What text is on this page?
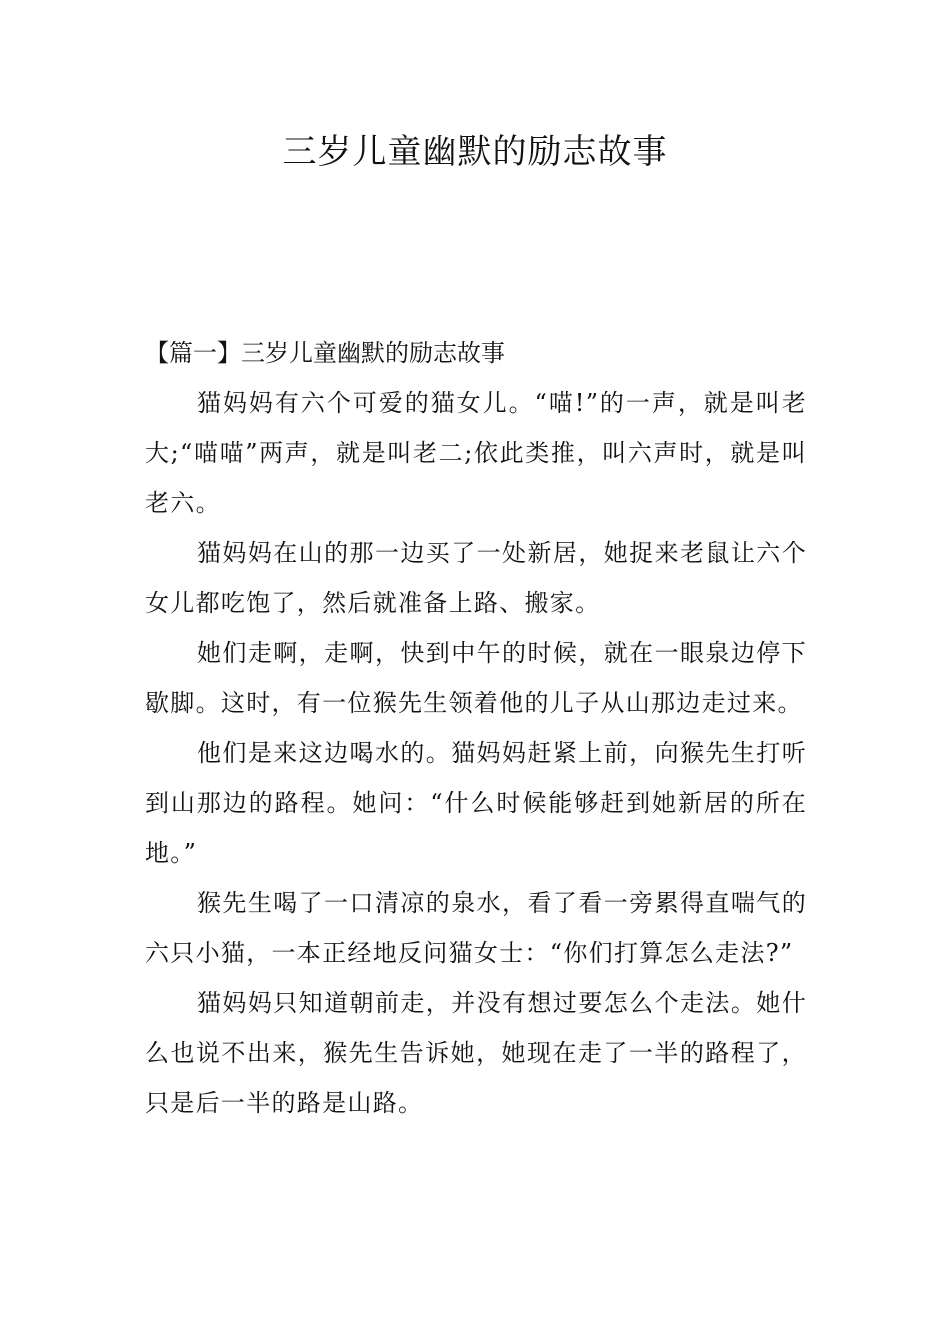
三岁儿童幽默的励志故事
【篇一】三岁儿童幽默的励志故事

猫妈妈有六个可爱的猫女儿。“喵!”的一声，就是叫老大;“喵喵”两声，就是叫老二;依此类推，叫六声时，就是叫老六。

猫妈妈在山的那一边买了一处新居，她捉来老鼠让六个女儿都吃饱了，然后就准备上路、搬家。

她们走啊，走啊，快到中午的时候，就在一眼泉边停下歇脚。这时，有一位猴先生领着他的儿子从山那边走过来。

他们是来这边喝水的。猫妈妈赶紧上前，向猴先生打听到山那边的路程。她问：“什么时候能够赶到她新居的所在地。”

猴先生喝了一口清凉的泉水，看了看一旁累得直喘气的六只小猫，一本正经地反问猫女士：“你们打算怎么走法?”

猫妈妈只知道朝前走，并没有想过要怎么个走法。她什么也说不出来，猴先生告诉她，她现在走了一半的路程了，只是后一半的路是山路。
